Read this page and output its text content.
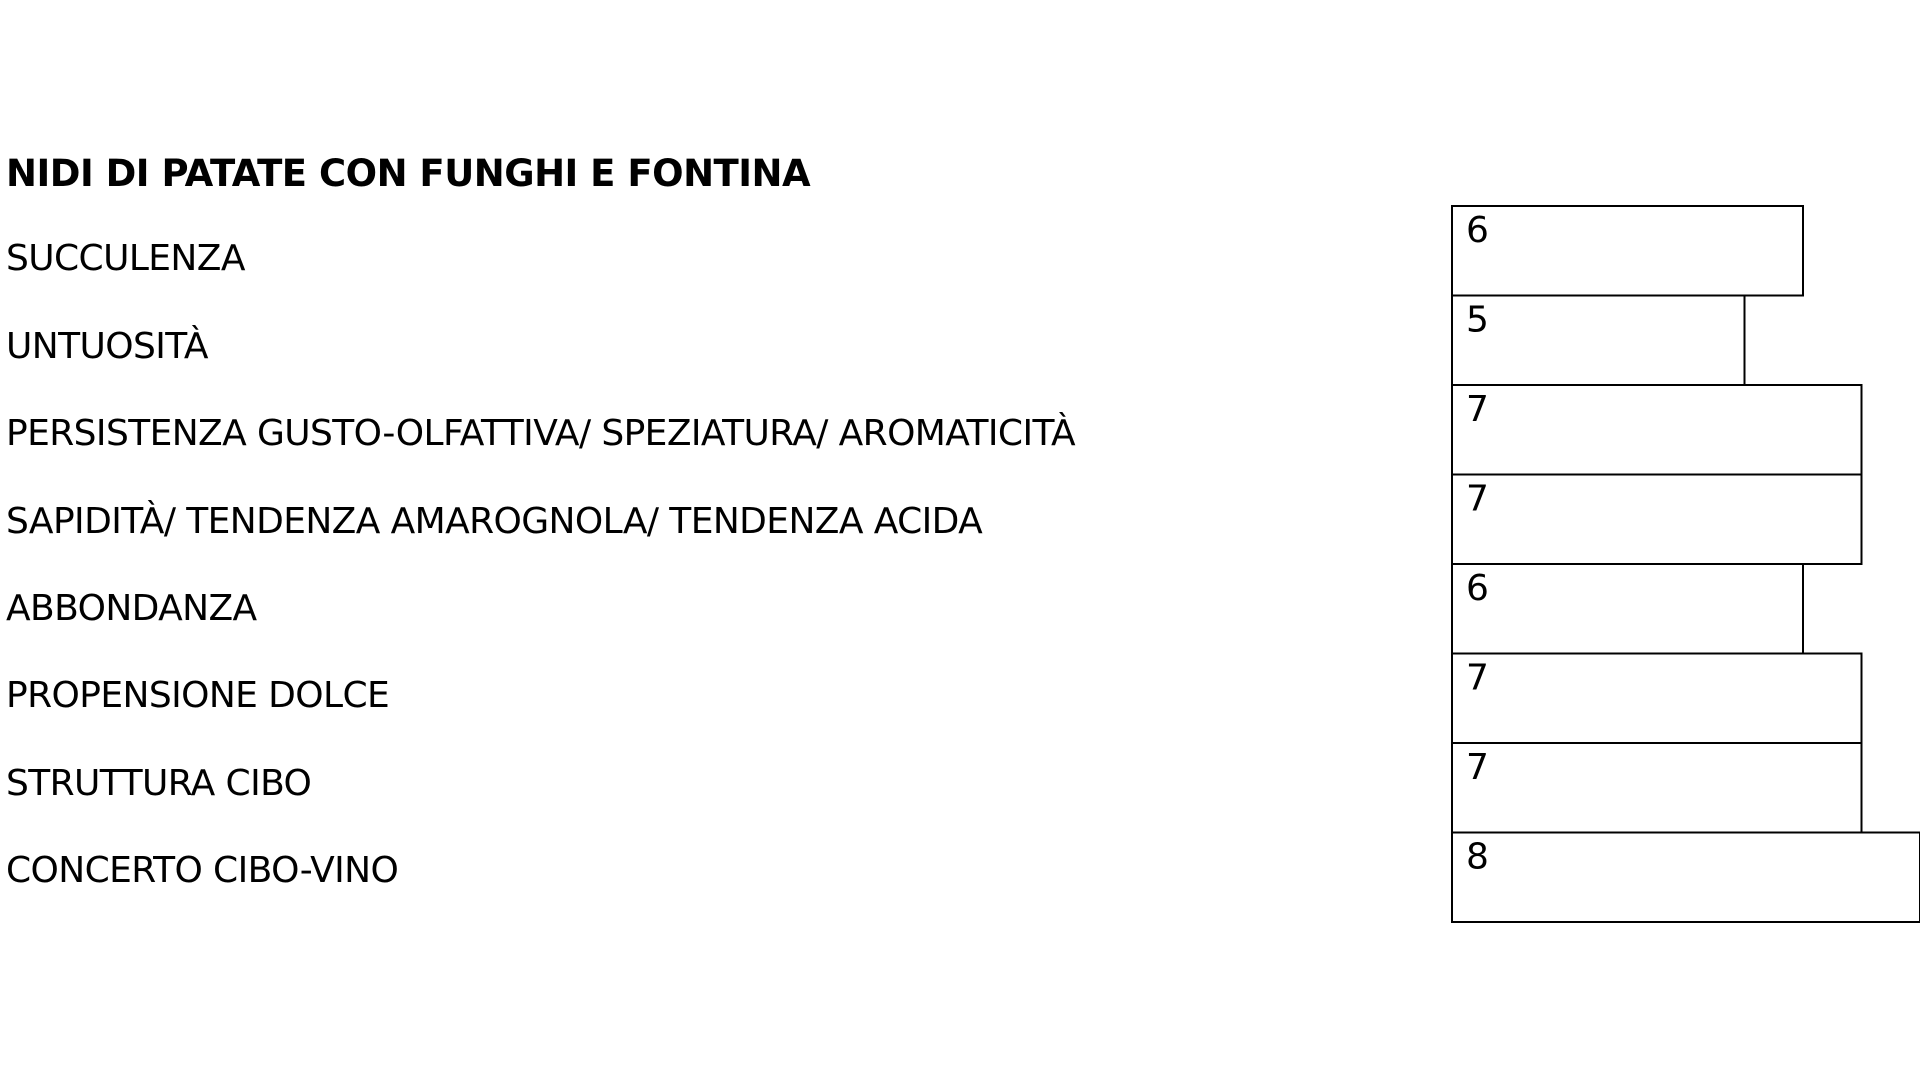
NIDI DI PATATE CON FUNGHI E FONTINA
SUCCULENZA
UNTUOSITÀ
PERSISTENZA GUSTO-OLFATTIVA/ SPEZIATURA/ AROMATICITÀ
SAPIDITÀ/ TENDENZA AMAROGNOLA/ TENDENZA ACIDA
ABBONDANZA
PROPENSIONE DOLCE
STRUTTURA CIBO
CONCERTO CIBO-VINO
6
5
7
7
6
7
7
8
